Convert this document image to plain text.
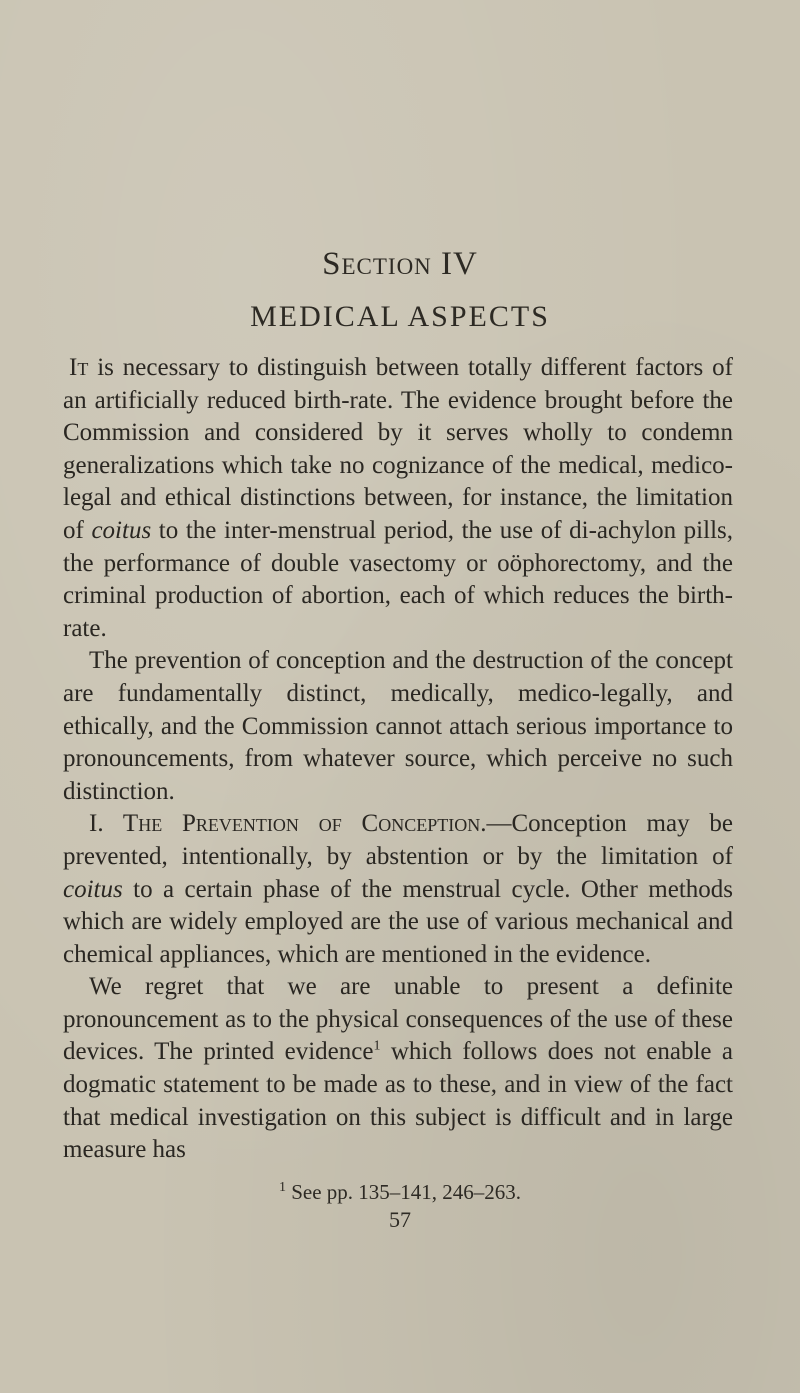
Section IV
MEDICAL ASPECTS

It is necessary to distinguish between totally different factors of an artificially reduced birth-rate. The evidence brought before the Commission and considered by it serves wholly to condemn generalizations which take no cognizance of the medical, medico-legal and ethical distinctions between, for instance, the limitation of coitus to the inter-menstrual period, the use of di-achylon pills, the performance of double vasectomy or oöphorectomy, and the criminal production of abortion, each of which reduces the birth-rate.

The prevention of conception and the destruction of the concept are fundamentally distinct, medically, medico-legally, and ethically, and the Commission cannot attach serious importance to pronouncements, from whatever source, which perceive no such distinction.

I. The Prevention of Conception.—Conception may be prevented, intentionally, by abstention or by the limitation of coitus to a certain phase of the menstrual cycle. Other methods which are widely employed are the use of various mechanical and chemical appliances, which are mentioned in the evidence.

We regret that we are unable to present a definite pronouncement as to the physical consequences of the use of these devices. The printed evidence$^1$ which follows does not enable a dogmatic statement to be made as to these, and in view of the fact that medical investigation on this subject is difficult and in large measure has

$^1$ See pp. 135–141, 246–263.
57
